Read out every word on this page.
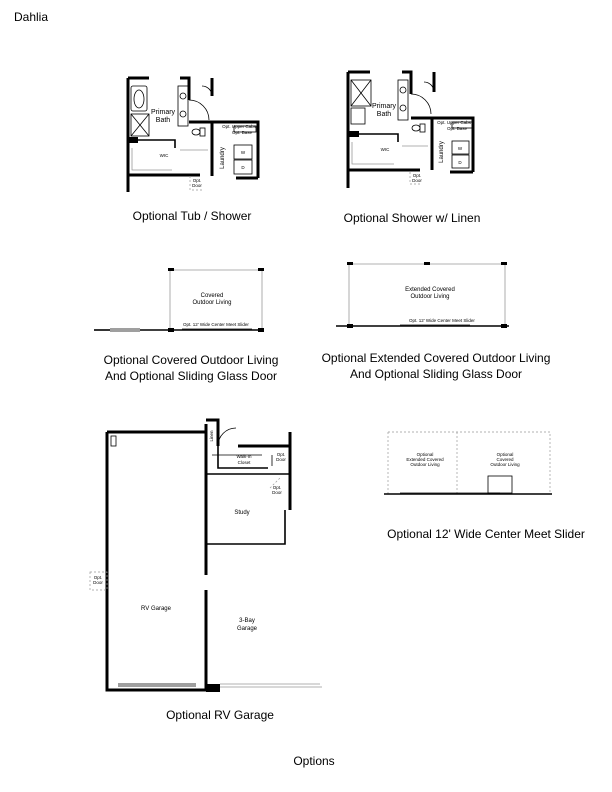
Dahlia
Primary
Bath
WIC	Laundry
Opt. Upper Cabs
Opt. Base
W
D
Opt.
Door
Primary
Bath
WIC	Laundry
Opt. Upper Cabs
Opt. Base
W
D
Opt.
Door
Covered
Outdoor Living
Opt. 12' Wide Center Meet Slider
Extended Covered
Outdoor Living
Opt. 12' Wide Center Meet Slider
Linen
Walk-In
Closet
Study
RV Garage
3-Bay
Garage
Opt.
Door
Opt.
Door
Opt.
Door
Optional
Extended Covered
Outdoor Living
Optional
Covered
Outdoor Living
Optional Tub / Shower	Optional Shower w/ Linen
Optional Covered Outdoor Living
And Optional Sliding Glass Door
Optional Extended Covered Outdoor Living
And Optional Sliding Glass Door
Optional 12' Wide Center Meet Slider
Optional RV Garage
Options
